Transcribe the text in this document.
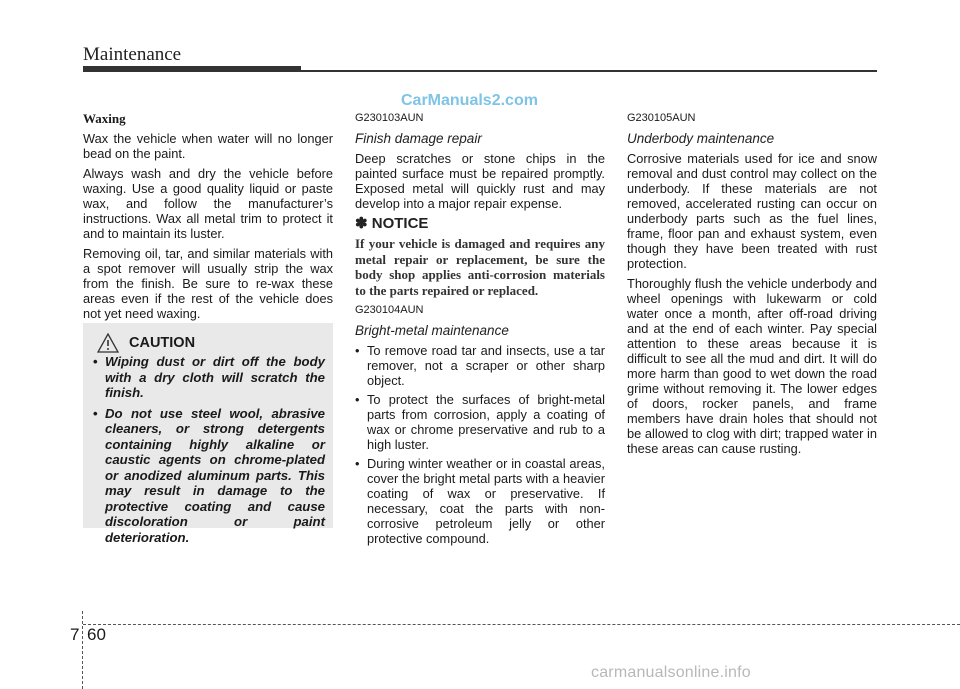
Maintenance
CarManuals2.com

Waxing

Wax the vehicle when water will no longer bead on the paint.

Always wash and dry the vehicle before waxing. Use a good quality liquid or paste wax, and follow the manufacturer’s instructions. Wax all metal trim to protect it and to maintain its luster.

Removing oil, tar, and similar materials with a spot remover will usually strip the wax from the finish. Be sure to re-wax these areas even if the rest of the vehicle does not yet need waxing.

CAUTION
• Wiping dust or dirt off the body with a dry cloth will scratch the finish.
• Do not use steel wool, abrasive cleaners, or strong detergents containing highly alkaline or caustic agents on chrome-plated or anodized aluminum parts. This may result in damage to the protective coating and cause discoloration or paint deterioration.

G230103AUN

Finish damage repair

Deep scratches or stone chips in the painted surface must be repaired promptly. Exposed metal will quickly rust and may develop into a major repair expense.

✽ NOTICE

If your vehicle is damaged and requires any metal repair or replacement, be sure the body shop applies anti-corrosion materials to the parts repaired or replaced.

G230104AUN

Bright-metal maintenance

• To remove road tar and insects, use a tar remover, not a scraper or other sharp object.
• To protect the surfaces of bright-metal parts from corrosion, apply a coating of wax or chrome preservative and rub to a high luster.
• During winter weather or in coastal areas, cover the bright metal parts with a heavier coating of wax or preservative. If necessary, coat the parts with non-corrosive petroleum jelly or other protective compound.

G230105AUN

Underbody maintenance

Corrosive materials used for ice and snow removal and dust control may collect on the underbody. If these materials are not removed, accelerated rusting can occur on underbody parts such as the fuel lines, frame, floor pan and exhaust system, even though they have been treated with rust protection.

Thoroughly flush the vehicle underbody and wheel openings with lukewarm or cold water once a month, after off-road driving and at the end of each winter. Pay special attention to these areas because it is difficult to see all the mud and dirt. It will do more harm than good to wet down the road grime without removing it. The lower edges of doors, rocker panels, and frame members have drain holes that should not be allowed to clog with dirt; trapped water in these areas can cause rusting.

7 60
carmanualsonline.info
